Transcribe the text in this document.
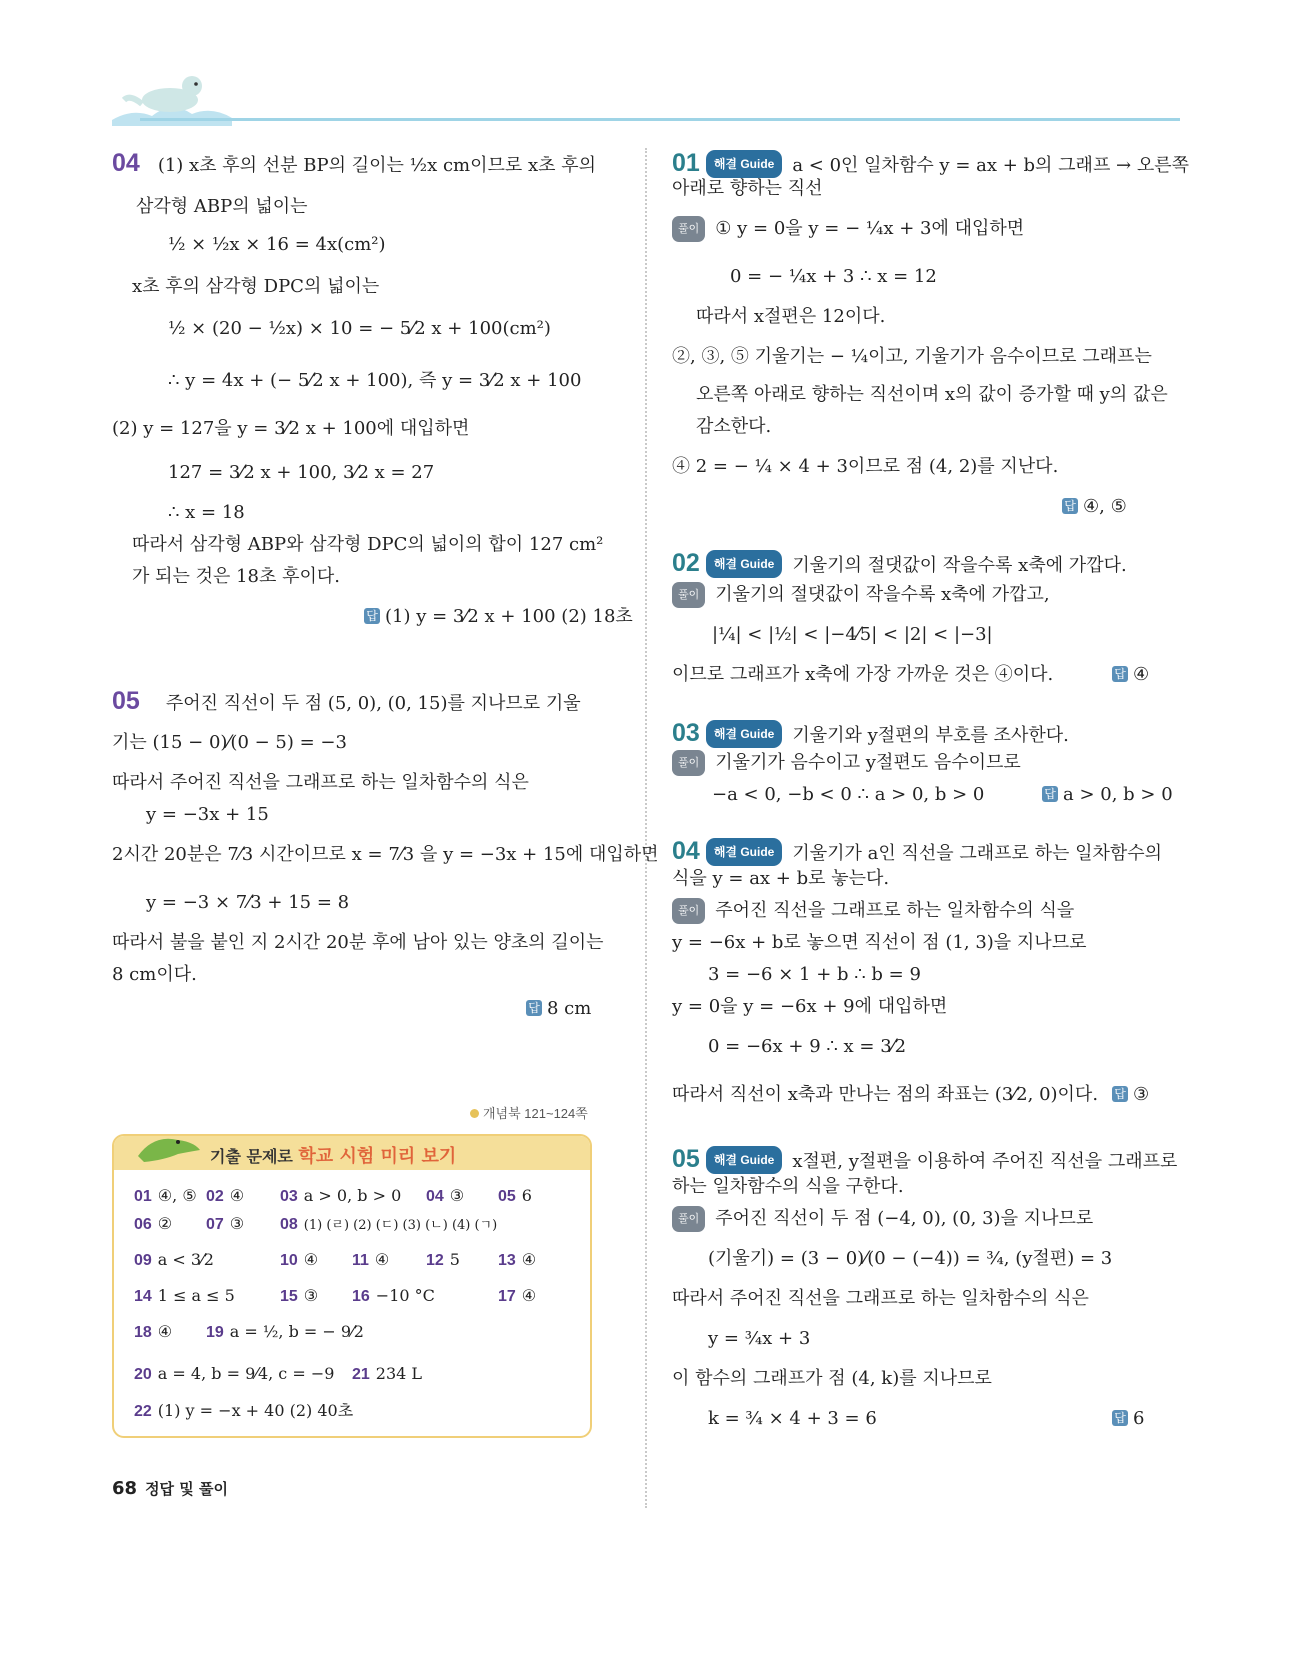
04 (1) x초 후의 선분 BP의 길이는 ½x cm이므로 x초 후의
삼각형 ABP의 넓이는
½ × ½x × 16 = 4x(cm²)
x초 후의 삼각형 DPC의 넓이는
½ × (20 − ½x) × 10 = − 5⁄2 x + 100(cm²)
∴ y = 4x + (− 5⁄2 x + 100), 즉 y = 3⁄2 x + 100
(2) y = 127을 y = 3⁄2 x + 100에 대입하면
127 = 3⁄2 x + 100, 3⁄2 x = 27
∴ x = 18
따라서 삼각형 ABP와 삼각형 DPC의 넓이의 합이 127 cm²
가 되는 것은 18초 후이다.
답 (1) y = 3⁄2 x + 100 (2) 18초
05 주어진 직선이 두 점 (5, 0), (0, 15)를 지나므로 기울
기는 (15 − 0)⁄(0 − 5) = −3
따라서 주어진 직선을 그래프로 하는 일차함수의 식은
y = −3x + 15
2시간 20분은 7⁄3 시간이므로 x = 7⁄3 을 y = −3x + 15에 대입하면
y = −3 × 7⁄3 + 15 = 8
따라서 불을 붙인 지 2시간 20분 후에 남아 있는 양초의 길이는
8 cm이다.
답 8 cm
개념북 121~124쪽
기출 문제로 학교 시험 미리 보기
01 ④, ⑤ 02 ④ 03 a > 0, b > 0 04 ③ 05 6
06 ② 07 ③ 08 (1) (ㄹ) (2) (ㄷ) (3) (ㄴ) (4) (ㄱ)
09 a < 3⁄2	10 ④ 11 ④ 12 5 13 ④
14 1 ≤ a ≤ 5	15 ③ 16 −10 °C	17 ④
18 ④ 19 a = ½, b = − 9⁄2
20 a = 4, b = 9⁄4, c = −9 21 234 L
22 (1) y = −x + 40 (2) 40초
01 해결 Guide a < 0인 일차함수 y = ax + b의 그래프 → 오른쪽
아래로 향하는 직선
풀이 ① y = 0을 y = − ¼x + 3에 대입하면
0 = − ¼x + 3 ∴ x = 12
따라서 x절편은 12이다.
②, ③, ⑤ 기울기는 − ¼이고, 기울기가 음수이므로 그래프는
오른쪽 아래로 향하는 직선이며 x의 값이 증가할 때 y의 값은
감소한다.
④ 2 = − ¼ × 4 + 3이므로 점 (4, 2)를 지난다.
답 ④, ⑤
02 해결 Guide 기울기의 절댓값이 작을수록 x축에 가깝다.
풀이 기울기의 절댓값이 작을수록 x축에 가깝고,
|¼| < |½| < |−4⁄5| < |2| < |−3|
이므로 그래프가 x축에 가장 가까운 것은 ④이다.	답 ④
03 해결 Guide 기울기와 y절편의 부호를 조사한다.
풀이 기울기가 음수이고 y절편도 음수이므로
−a < 0, −b < 0 ∴ a > 0, b > 0	답 a > 0, b > 0
04 해결 Guide 기울기가 a인 직선을 그래프로 하는 일차함수의
식을 y = ax + b로 놓는다.
풀이 주어진 직선을 그래프로 하는 일차함수의 식을
y = −6x + b로 놓으면 직선이 점 (1, 3)을 지나므로
3 = −6 × 1 + b ∴ b = 9
y = 0을 y = −6x + 9에 대입하면
0 = −6x + 9 ∴ x = 3⁄2
따라서 직선이 x축과 만나는 점의 좌표는 (3⁄2, 0)이다. 답 ③
05 해결 Guide x절편, y절편을 이용하여 주어진 직선을 그래프로
하는 일차함수의 식을 구한다.
풀이 주어진 직선이 두 점 (−4, 0), (0, 3)을 지나므로
(기울기) = (3 − 0)⁄(0 − (−4)) = ¾, (y절편) = 3
따라서 주어진 직선을 그래프로 하는 일차함수의 식은
y = ¾x + 3
이 함수의 그래프가 점 (4, k)를 지나므로
k = ¾ × 4 + 3 = 6	답 6
68 정답 및 풀이
